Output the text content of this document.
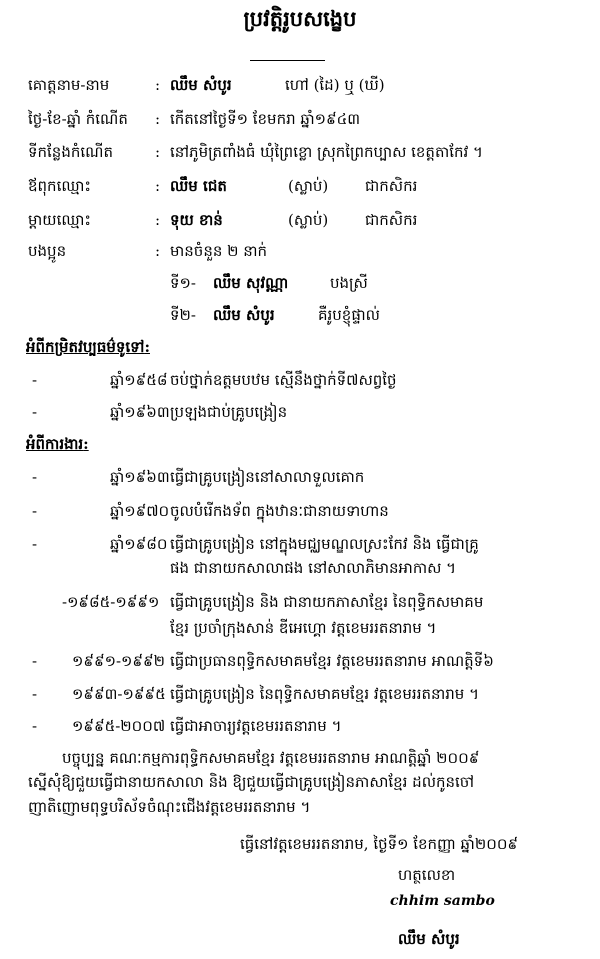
ប្រវត្តិរូបសង្ខេប
គោត្តនាម-នាម	: ឈឹម សំបូរ	ហៅ (ដៃ) ឬ (ឃី)
ថ្ងៃ-ខែ-ឆ្នាំ កំណើត : កើតនៅថ្ងៃទី១ ខែមករា ឆ្នាំ១៩៤៣
ទីកន្លែងកំណើត	: នៅភូមិត្រពាំងធំ ឃុំព្រៃខ្លោ ស្រុកព្រៃកប្បាស ខេត្តតាកែវ ។
ឪពុកឈ្មោះ	: ឈឹម ជេត	(ស្លាប់) ជាកសិករ
ម្តាយឈ្មោះ	: ទុយ ខាន់	(ស្លាប់) ជាកសិករ
បងប្អូន	: មានចំនួន ២ នាក់
ទី១- ឈឹម សុវណ្ណា	បងស្រី
ទី២- ឈឹម សំបូរ	គឺរូបខ្ញុំផ្ទាល់
អំពីកម្រិតវប្បធម៌ទូទៅ:
-	ឆ្នាំ១៩៥៨ ចប់ថ្នាក់ឧត្តមបឋម ស្មើនឹងថ្នាក់ទី៧សព្វថ្ងៃ
-	ឆ្នាំ១៩៦៣ ប្រឡងជាប់គ្រូបង្រៀន
អំពីការងារ:
-	ឆ្នាំ១៩៦៣ ធ្វើជាគ្រូបង្រៀននៅសាលាទួលគោក
-	ឆ្នាំ១៩៧០ ចូលបំរើកងទ័ព ក្នុងឋានៈជានាយទាហាន
-	ឆ្នាំ១៩៨០ ធ្វើជាគ្រូបង្រៀន នៅក្នុងមជ្ឈមណ្ឌលស្រះកែវ និង ធ្វើជាគ្រូ
ផង ជានាយកសាលាផង នៅសាលាភិមានអាកាស ។
-១៩៨៥-១៩៩១ ធ្វើជាគ្រូបង្រៀន និង ជានាយកភាសាខ្មែរ នៃពុទ្ធិកសមាគម
ខ្មែរ ប្រចាំក្រុងសាន់ ឌីអេហ្គោ វត្តខេមររតនារាម ។
- ១៩៩១-១៩៩២ ធ្វើជាប្រធានពុទ្ធិកសមាគមខ្មែរ វត្តខេមររតនារាម អាណត្តិទី៦
- ១៩៩៣-១៩៩៥ ធ្វើជាគ្រូបង្រៀន នៃពុទ្ធិកសមាគមខ្មែរ វត្តខេមររតនារាម ។
- ១៩៩៥-២០០៧ ធ្វើជាអាចារ្យវត្តខេមររតនារាម ។
បច្ចុប្បន្ន គណៈកម្មការពុទ្ធិកសមាគមខ្មែរ វត្តខេមររតនារាម អាណត្តិឆ្នាំ ២០០៩
ស្នើសុំឱ្យជួយធ្វើជានាយកសាលា និង ឱ្យជួយធ្វើជាគ្រូបង្រៀនភាសាខ្មែរ ដល់កូនចៅ
ញាតិញោមពុទ្ធបរិស័ទចំណុះជើងវត្តខេមររតនារាម ។
ធ្វើនៅវត្តខេមររតនារាម, ថ្ងៃទី១ ខែកញ្ញា ឆ្នាំ២០០៩
ហត្ថលេខា
chhim sambo
ឈឹម សំបូរ
